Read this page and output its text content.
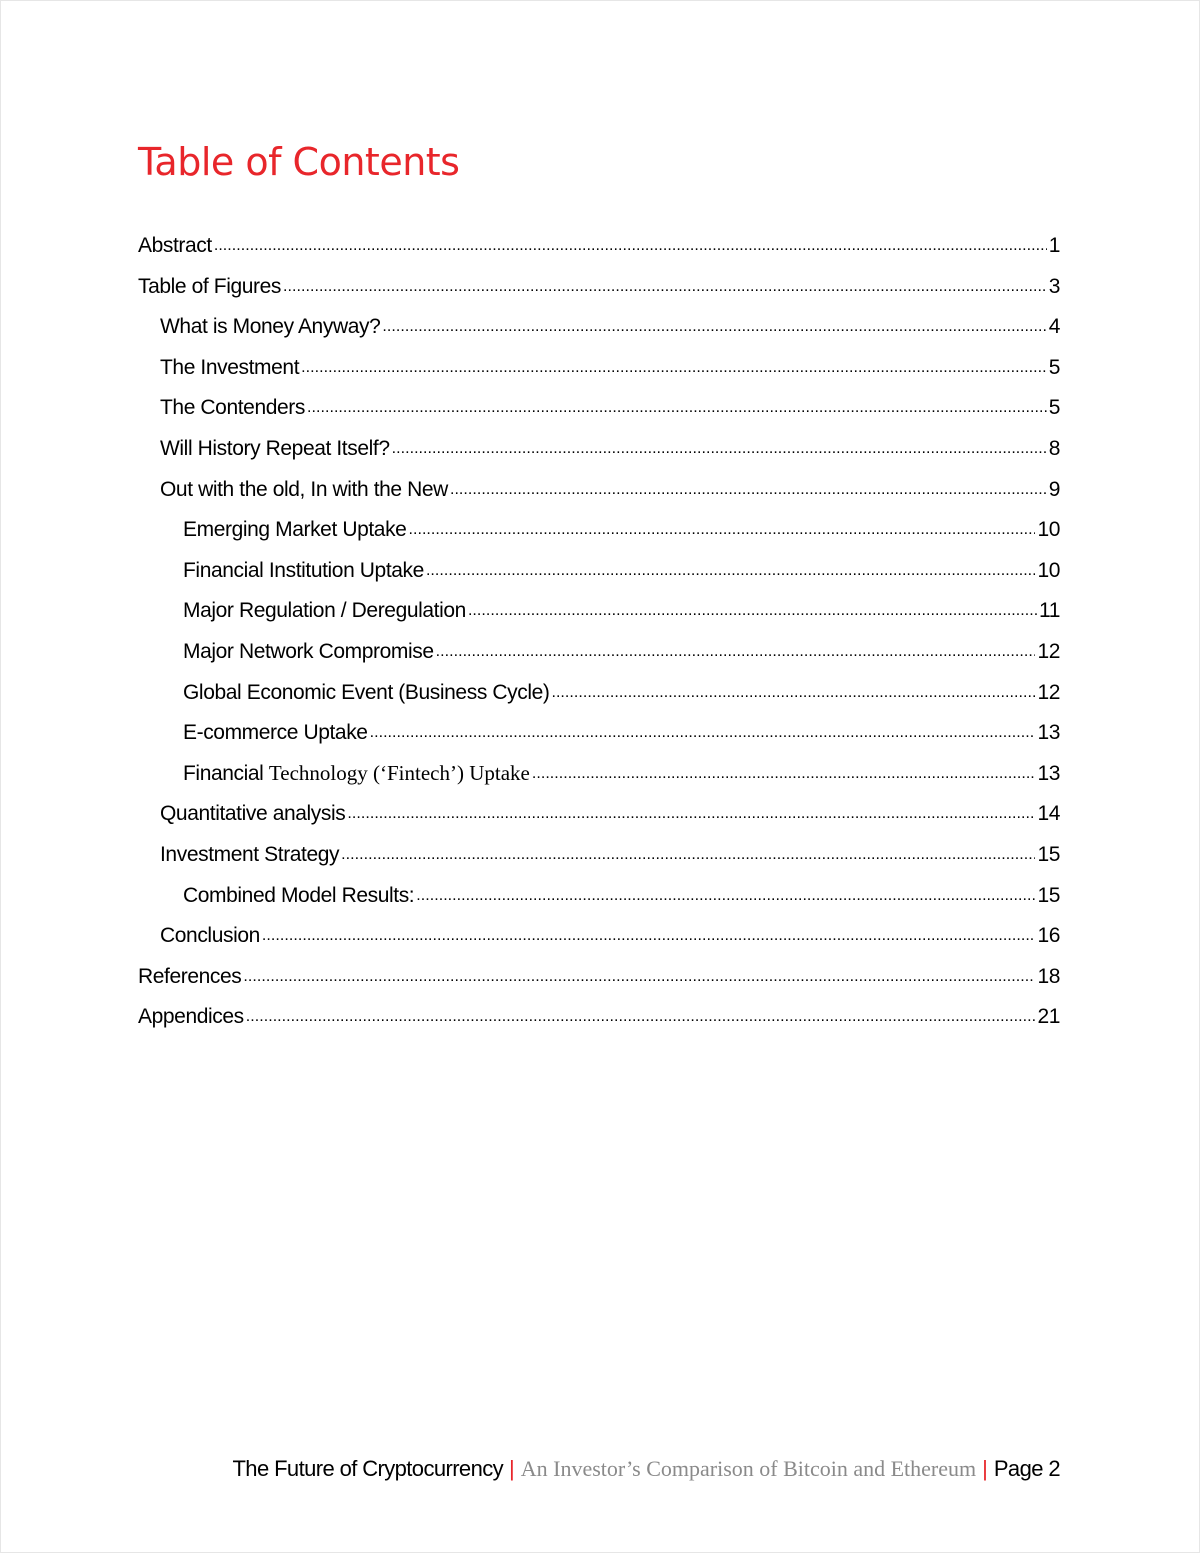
Table of Contents
Abstract . . .	1
Table of Figures . . .	3
What is Money Anyway? . . .	4
The Investment . . .	5
The Contenders . . .	5
Will History Repeat Itself? . . .	8
Out with the old, In with the New . . .	9
Emerging Market Uptake . . .	10
Financial Institution Uptake . . .	10
Major Regulation / Deregulation . . .	11
Major Network Compromise . . .	12
Global Economic Event (Business Cycle) . . .	12
E-commerce Uptake . . .	13
Financial Technology (‘Fintech’) Uptake . . .	13
Quantitative analysis . . .	14
Investment Strategy . . .	15
Combined Model Results: . . .	15
Conclusion . . .	16
References . . .	18
Appendices . . .	21
The Future of Cryptocurrency | An Investor’s Comparison of Bitcoin and Ethereum | Page 2
